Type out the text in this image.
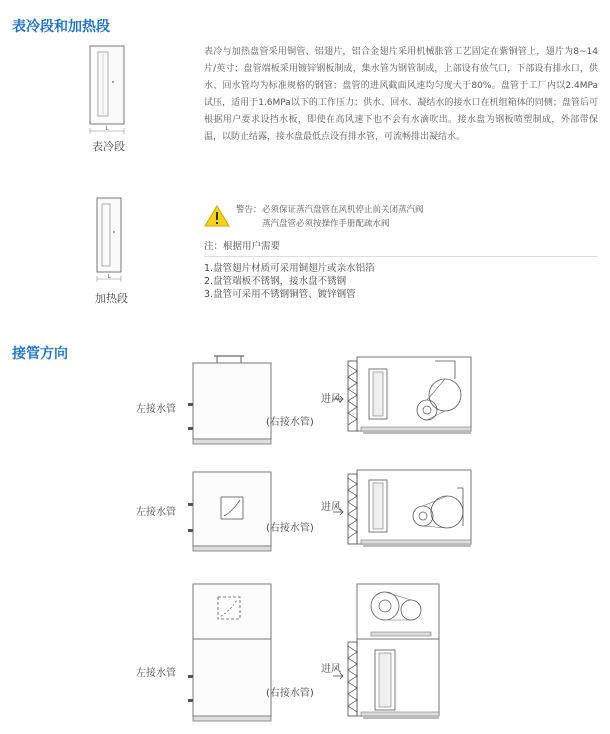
表冷段和加热段
L
表冷段
表冷与加热盘管采用铜管、铝翅片，铝合金翅片采用机械胀管工艺固定在紫铜管上，翅片为8~14片/英寸；盘管端板采用镀锌钢板制成，集水管为钢管制成，上部设有放气口，下部设有排水口，供水、回水管均为标准规格的钢管；盘管的进风截面风速均匀度大于80%。盘管于工厂内以2.4MPa试压，适用于1.6MPa以下的工作压力；供水、回水、凝结水的接水口在机组箱体的同侧；盘管后可根据用户要求设挡水板，即使在高风速下也不会有水滴吹出。接水盘为钢板喷塑制成，外部带保温，以防止结露，接水盘最低点设有排水管，可流畅排出凝结水。
L
加热段
警告： 必须保证蒸汽盘管在风机停止前关闭蒸汽阀
蒸汽盘管必须按操作手册配疏水阀
注：根据用户需要
1.盘管翅片材质可采用铜翅片或亲水铝箔
2.盘管端板不锈钢，接水盘不锈钢
3.盘管可采用不锈钢铜管、镀锌钢管
接管方向
左接水管
(右接水管)
进风
左接水管
(右接水管)
进风
左接水管
(右接水管)
进风
